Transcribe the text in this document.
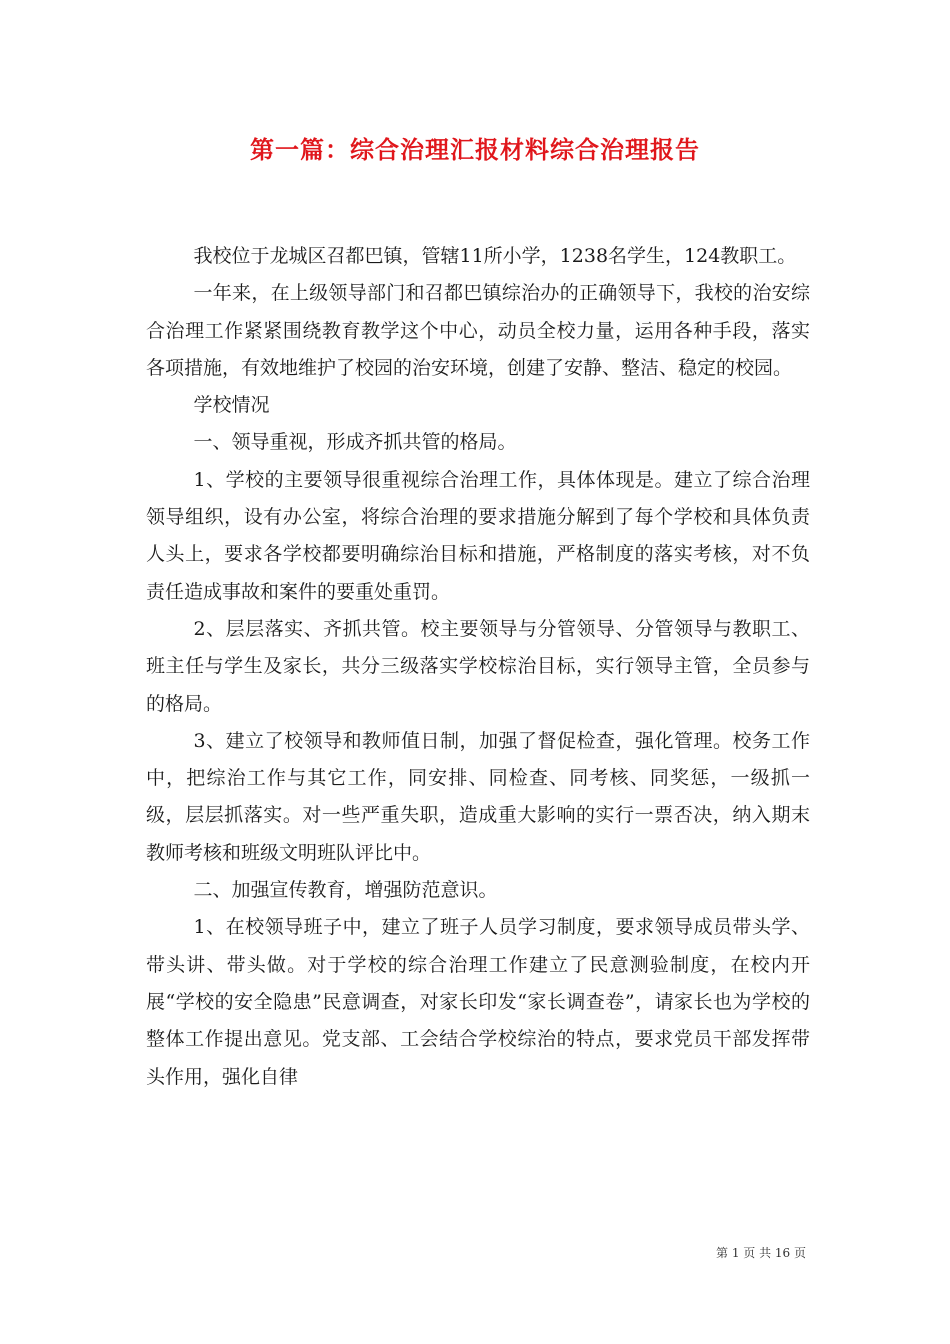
第一篇：综合治理汇报材料综合治理报告

我校位于龙城区召都巴镇，管辖11所小学，1238名学生，124教职工。

一年来，在上级领导部门和召都巴镇综治办的正确领导下，我校的治安综合治理工作紧紧围绕教育教学这个中心，动员全校力量，运用各种手段，落实各项措施，有效地维护了校园的治安环境，创建了安静、整洁、稳定的校园。

学校情况

一、领导重视，形成齐抓共管的格局。

1、学校的主要领导很重视综合治理工作，具体体现是。建立了综合治理领导组织，设有办公室，将综合治理的要求措施分解到了每个学校和具体负责人头上，要求各学校都要明确综治目标和措施，严格制度的落实考核，对不负责任造成事故和案件的要重处重罚。

2、层层落实、齐抓共管。校主要领导与分管领导、分管领导与教职工、班主任与学生及家长，共分三级落实学校棕治目标，实行领导主管，全员参与的格局。

3、建立了校领导和教师值日制，加强了督促检查，强化管理。校务工作中，把综治工作与其它工作，同安排、同检查、同考核、同奖惩，一级抓一级，层层抓落实。对一些严重失职，造成重大影响的实行一票否决，纳入期末教师考核和班级文明班队评比中。

二、加强宣传教育，增强防范意识。

1、在校领导班子中，建立了班子人员学习制度，要求领导成员带头学、带头讲、带头做。对于学校的综合治理工作建立了民意测验制度，在校内开展“学校的安全隐患”民意调查，对家长印发“家长调查卷”，请家长也为学校的整体工作提出意见。党支部、工会结合学校综治的特点，要求党员干部发挥带头作用，强化自律

第 1 页 共 16 页
